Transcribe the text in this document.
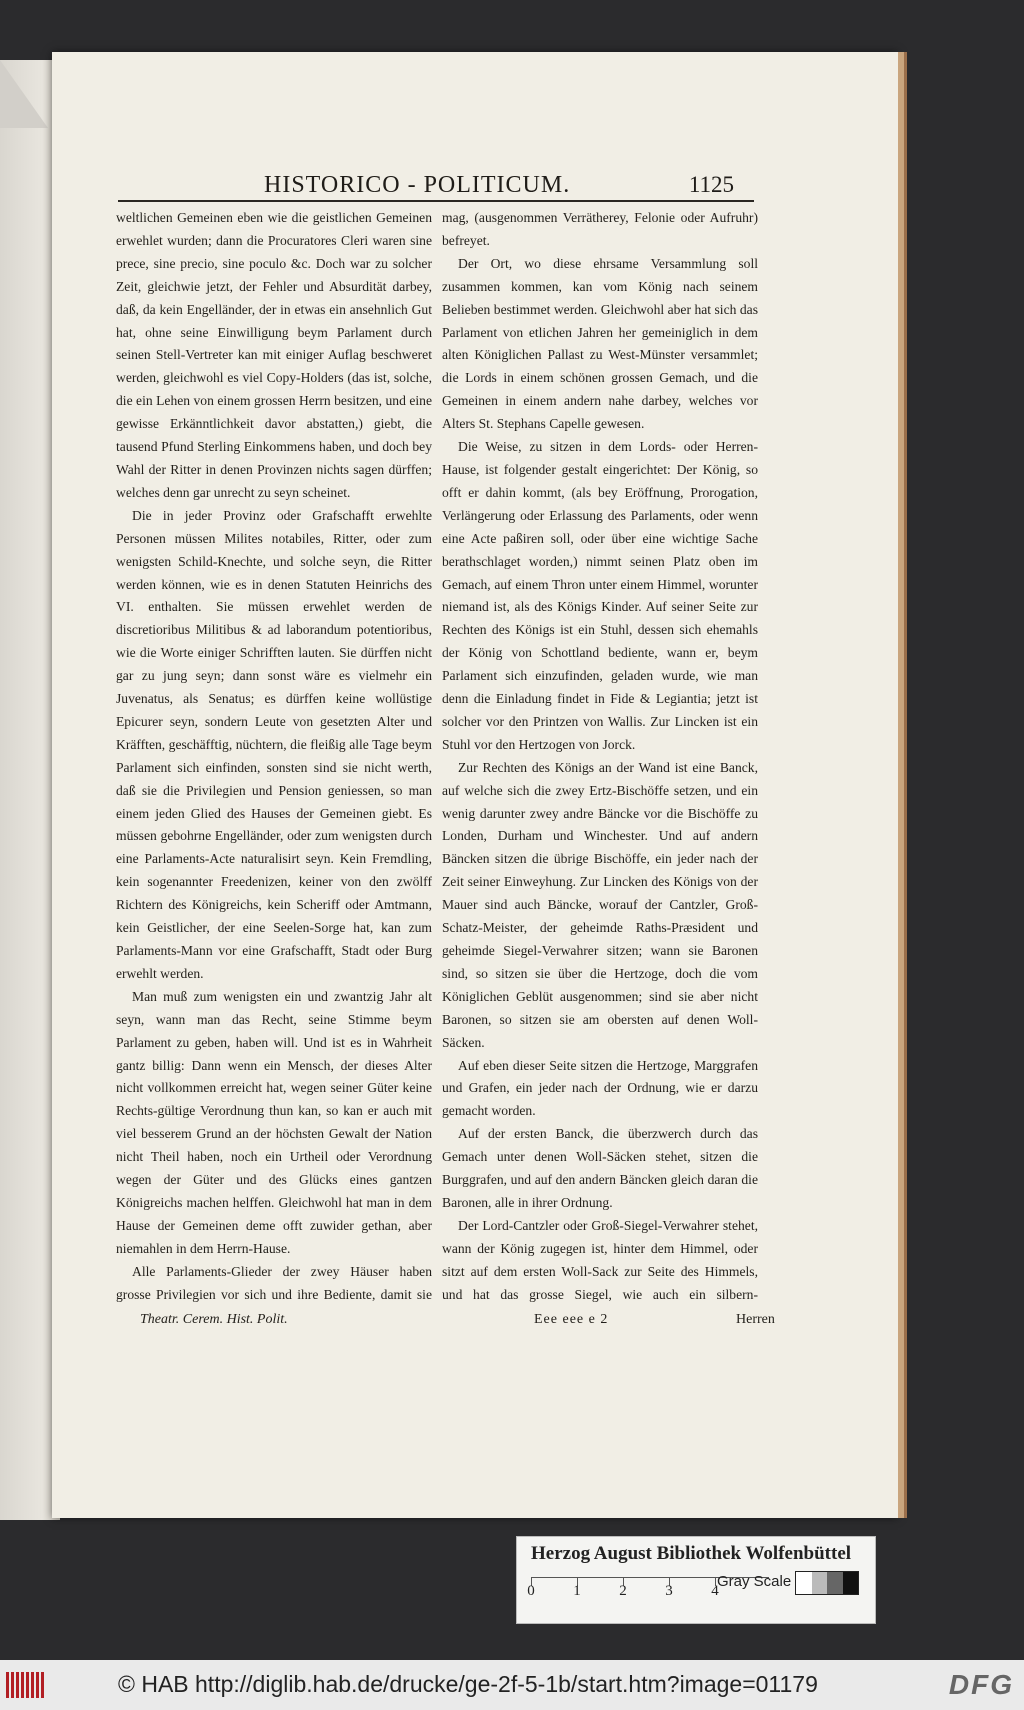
HISTORICO - POLITICUM.	1125

weltlichen Gemeinen eben wie die geistlichen Gemeinen erwehlet wurden; dann die Procuratores Cleri waren sine prece, sine precio, sine poculo &c. Doch war zu solcher Zeit, gleichwie jetzt, der Fehler und Absurdität darbey, daß, da kein Engelländer, der in etwas ein ansehnlich Gut hat, ohne seine Einwilligung beym Parlament durch seinen Stell-Vertreter kan mit einiger Auflag beschweret werden, gleichwohl es viel Copy-Holders (das ist, solche, die ein Lehen von einem grossen Herrn besitzen, und eine gewisse Erkänntlichkeit davor abstatten,) giebt, die tausend Pfund Sterling Einkommens haben, und doch bey Wahl der Ritter in denen Provinzen nichts sagen dürffen; welches denn gar unrecht zu seyn scheinet.

Die in jeder Provinz oder Grafschafft erwehlte Personen müssen Milites notabiles, Ritter, oder zum wenigsten Schild-Knechte, und solche seyn, die Ritter werden können, wie es in denen Statuten Heinrichs des VI. enthalten. Sie müssen erwehlet werden de discretioribus Militibus & ad laborandum potentioribus, wie die Worte einiger Schrifften lauten. Sie dürffen nicht gar zu jung seyn; dann sonst wäre es vielmehr ein Juvenatus, als Senatus; es dürffen keine wollüstige Epicurer seyn, sondern Leute von gesetzten Alter und Kräfften, geschäfftig, nüchtern, die fleißig alle Tage beym Parlament sich einfinden, sonsten sind sie nicht werth, daß sie die Privilegien und Pension geniessen, so man einem jeden Glied des Hauses der Gemeinen giebt. Es müssen gebohrne Engelländer, oder zum wenigsten durch eine Parlaments-Acte naturalisirt seyn. Kein Fremdling, kein sogenannter Freedenizen, keiner von den zwölff Richtern des Königreichs, kein Scheriff oder Amtmann, kein Geistlicher, der eine Seelen-Sorge hat, kan zum Parlaments-Mann vor eine Grafschafft, Stadt oder Burg erwehlt werden.

Man muß zum wenigsten ein und zwantzig Jahr alt seyn, wann man das Recht, seine Stimme beym Parlament zu geben, haben will. Und ist es in Wahrheit gantz billig: Dann wenn ein Mensch, der dieses Alter nicht vollkommen erreicht hat, wegen seiner Güter keine Rechts-gültige Verordnung thun kan, so kan er auch mit viel besserem Grund an der höchsten Gewalt der Nation nicht Theil haben, noch ein Urtheil oder Verordnung wegen der Güter und des Glücks eines gantzen Königreichs machen helffen. Gleichwohl hat man in dem Hause der Gemeinen deme offt zuwider gethan, aber niemahlen in dem Herrn-Hause.

Alle Parlaments-Glieder der zwey Häuser haben grosse Privilegien vor sich und ihre Bediente, damit sie

mag, (ausgenommen Verrätherey, Felonie oder Aufruhr) befreyet.

Der Ort, wo diese ehrsame Versammlung soll zusammen kommen, kan vom König nach seinem Belieben bestimmet werden. Gleichwohl aber hat sich das Parlament von etlichen Jahren her gemeiniglich in dem alten Königlichen Pallast zu West-Münster versammlet; die Lords in einem schönen grossen Gemach, und die Gemeinen in einem andern nahe darbey, welches vor Alters St. Stephans Capelle gewesen.

Die Weise, zu sitzen in dem Lords- oder Herren-Hause, ist folgender gestalt eingerichtet: Der König, so offt er dahin kommt, (als bey Eröffnung, Prorogation, Verlängerung oder Erlassung des Parlaments, oder wenn eine Acte paßiren soll, oder über eine wichtige Sache berathschlaget worden,) nimmt seinen Platz oben im Gemach, auf einem Thron unter einem Himmel, worunter niemand ist, als des Königs Kinder. Auf seiner Seite zur Rechten des Königs ist ein Stuhl, dessen sich ehemahls der König von Schottland bediente, wann er, beym Parlament sich einzufinden, geladen wurde, wie man denn die Einladung findet in Fide & Legiantia; jetzt ist solcher vor den Printzen von Wallis. Zur Lincken ist ein Stuhl vor den Hertzogen von Jorck.

Zur Rechten des Königs an der Wand ist eine Banck, auf welche sich die zwey Ertz-Bischöffe setzen, und ein wenig darunter zwey andre Bäncke vor die Bischöffe zu Londen, Durham und Winchester. Und auf andern Bäncken sitzen die übrige Bischöffe, ein jeder nach der Zeit seiner Einweyhung. Zur Lincken des Königs von der Mauer sind auch Bäncke, worauf der Cantzler, Groß-Schatz-Meister, der geheimde Raths-Præsident und geheimde Siegel-Verwahrer sitzen; wann sie Baronen sind, so sitzen sie über die Hertzoge, doch die vom Königlichen Geblüt ausgenommen; sind sie aber nicht Baronen, so sitzen sie am obersten auf denen Woll-Säcken.

Auf eben dieser Seite sitzen die Hertzoge, Marggrafen und Grafen, ein jeder nach der Ordnung, wie er darzu gemacht worden.

Auf der ersten Banck, die überzwerch durch das Gemach unter denen Woll-Säcken stehet, sitzen die Burggrafen, und auf den andern Bäncken gleich daran die Baronen, alle in ihrer Ordnung.

Der Lord-Cantzler oder Groß-Siegel-Verwahrer stehet, wann der König zugegen ist, hinter dem Himmel, oder sitzt auf dem ersten Woll-Sack zur Seite des Himmels, und hat das grosse Siegel, wie auch ein silbern-

Theatr. Cerem. Hist. Polit.	Eee eee e 2	Herren
Herzog August Bibliothek Wolfenbüttel
0	1	2	3	4
Gray Scale
© HAB http://diglib.hab.de/drucke/ge-2f-5-1b/start.htm?image=01179	DFG
